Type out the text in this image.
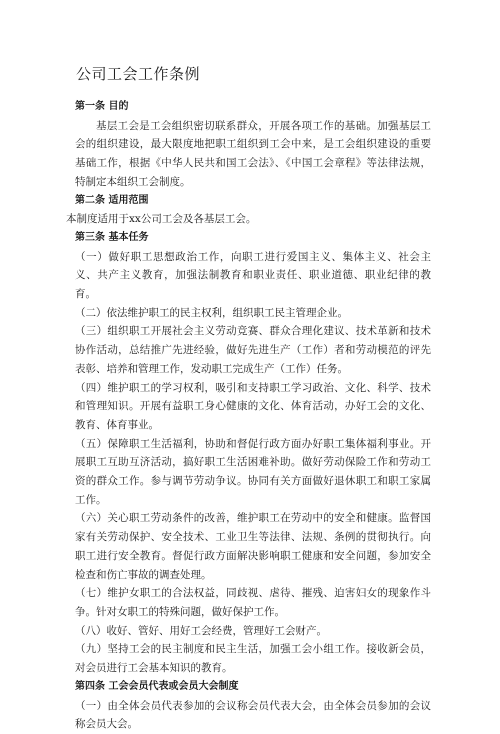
公司工会工作条例

第一条 目的

基层工会是工会组织密切联系群众，开展各项工作的基础。加强基层工会的组织建设，最大限度地把职工组织到工会中来，是工会组织建设的重要基础工作，根据《中华人民共和国工会法》、《中国工会章程》等法律法规，特制定本组织工会制度。

第二条 适用范围

本制度适用于xx公司工会及各基层工会。

第三条 基本任务

（一）做好职工思想政治工作，向职工进行爱国主义、集体主义、社会主义、共产主义教育，加强法制教育和职业责任、职业道德、职业纪律的教育。

（二）依法维护职工的民主权利，组织职工民主管理企业。

（三）组织职工开展社会主义劳动竞赛、群众合理化建议、技术革新和技术协作活动，总结推广先进经验，做好先进生产（工作）者和劳动模范的评先表彰、培养和管理工作，发动职工完成生产（工作）任务。

（四）维护职工的学习权利，吸引和支持职工学习政治、文化、科学、技术和管理知识。开展有益职工身心健康的文化、体育活动，办好工会的文化、教育、体育事业。

（五）保障职工生活福利，协助和督促行政方面办好职工集体福利事业。开展职工互助互济活动，搞好职工生活困难补助。做好劳动保险工作和劳动工资的群众工作。参与调节劳动争议。协同有关方面做好退休职工和职工家属工作。

（六）关心职工劳动条件的改善，维护职工在劳动中的安全和健康。监督国家有关劳动保护、安全技术、工业卫生等法律、法规、条例的贯彻执行。向职工进行安全教育。督促行政方面解决影响职工健康和安全问题，参加安全检查和伤亡事故的调查处理。

（七）维护女职工的合法权益，同歧视、虐待、摧残、迫害妇女的现象作斗争。针对女职工的特殊问题，做好保护工作。

（八）收好、管好、用好工会经费，管理好工会财产。

（九）坚持工会的民主制度和民主生活，加强工会小组工作。接收新会员，对会员进行工会基本知识的教育。

第四条 工会会员代表或会员大会制度

（一）由全体会员代表参加的会议称会员代表大会，由全体会员参加的会议称会员大会。
